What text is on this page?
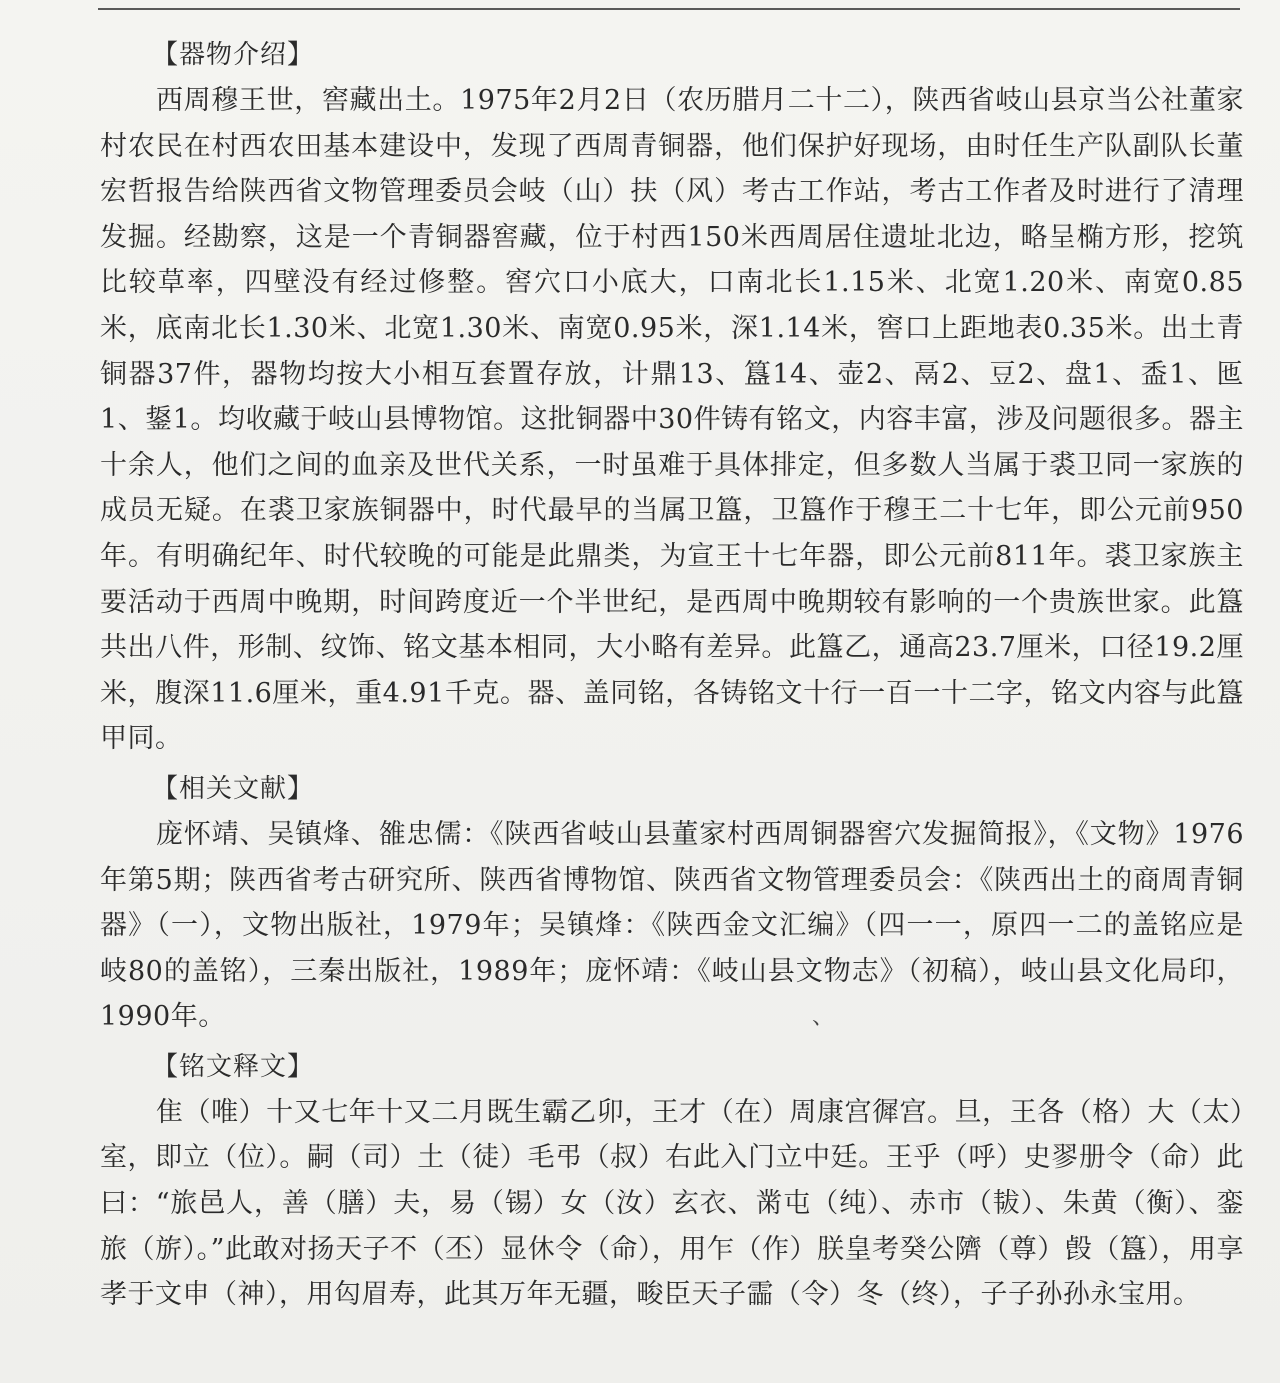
【器物介绍】

西周穆王世，窖藏出土。1975年2月2日（农历腊月二十二），陕西省岐山县京当公社董家村农民在村西农田基本建设中，发现了西周青铜器，他们保护好现场，由时任生产队副队长董宏哲报告给陕西省文物管理委员会岐（山）扶（风）考古工作站，考古工作者及时进行了清理发掘。经勘察，这是一个青铜器窖藏，位于村西150米西周居住遗址北边，略呈椭方形，挖筑比较草率，四壁没有经过修整。窖穴口小底大，口南北长1.15米、北宽1.20米、南宽0.85米，底南北长1.30米、北宽1.30米、南宽0.95米，深1.14米，窖口上距地表0.35米。出土青铜器37件，器物均按大小相互套置存放，计鼎13、簋14、壶2、鬲2、豆2、盘1、盉1、匜1、鋬1。均收藏于岐山县博物馆。这批铜器中30件铸有铭文，内容丰富，涉及问题很多。器主十余人，他们之间的血亲及世代关系，一时虽难于具体排定，但多数人当属于裘卫同一家族的成员无疑。在裘卫家族铜器中，时代最早的当属卫簋，卫簋作于穆王二十七年，即公元前950年。有明确纪年、时代较晚的可能是此鼎类，为宣王十七年器，即公元前811年。裘卫家族主要活动于西周中晚期，时间跨度近一个半世纪，是西周中晚期较有影响的一个贵族世家。此簋共出八件，形制、纹饰、铭文基本相同，大小略有差异。此簋乙，通高23.7厘米，口径19.2厘米，腹深11.6厘米，重4.91千克。器、盖同铭，各铸铭文十行一百一十二字，铭文内容与此簋甲同。

【相关文献】

庞怀靖、吴镇烽、雒忠儒：《陕西省岐山县董家村西周铜器窖穴发掘简报》，《文物》1976年第5期；陕西省考古研究所、陕西省博物馆、陕西省文物管理委员会：《陕西出土的商周青铜器》（一），文物出版社，1979年；吴镇烽：《陕西金文汇编》（四一一，原四一二的盖铭应是岐80的盖铭），三秦出版社，1989年；庞怀靖：《岐山县文物志》（初稿），岐山县文化局印，1990年。

【铭文释文】

隹（唯）十又七年十又二月既生霸乙卯，王才（在）周康宫徲宫。旦，王各（格）大（太）室，即立（位）。嗣（司）土（徒）毛弔（叔）右此入门立中廷。王乎（呼）史翏册令（命）此曰：“旅邑人，善（膳）夫，易（锡）女（汝）玄衣、黹屯（纯）、赤市（韨）、朱黄（衡）、銮旅（旂）。”此敢对扬天子不（丕）显休令（命），用乍（作）朕皇考癸公隮（尊）㲃（簋），用享孝于文申（神），用匃眉寿，此其万年无疆，畯臣天子霝（令）冬（终），子子孙孙永宝用。

、
